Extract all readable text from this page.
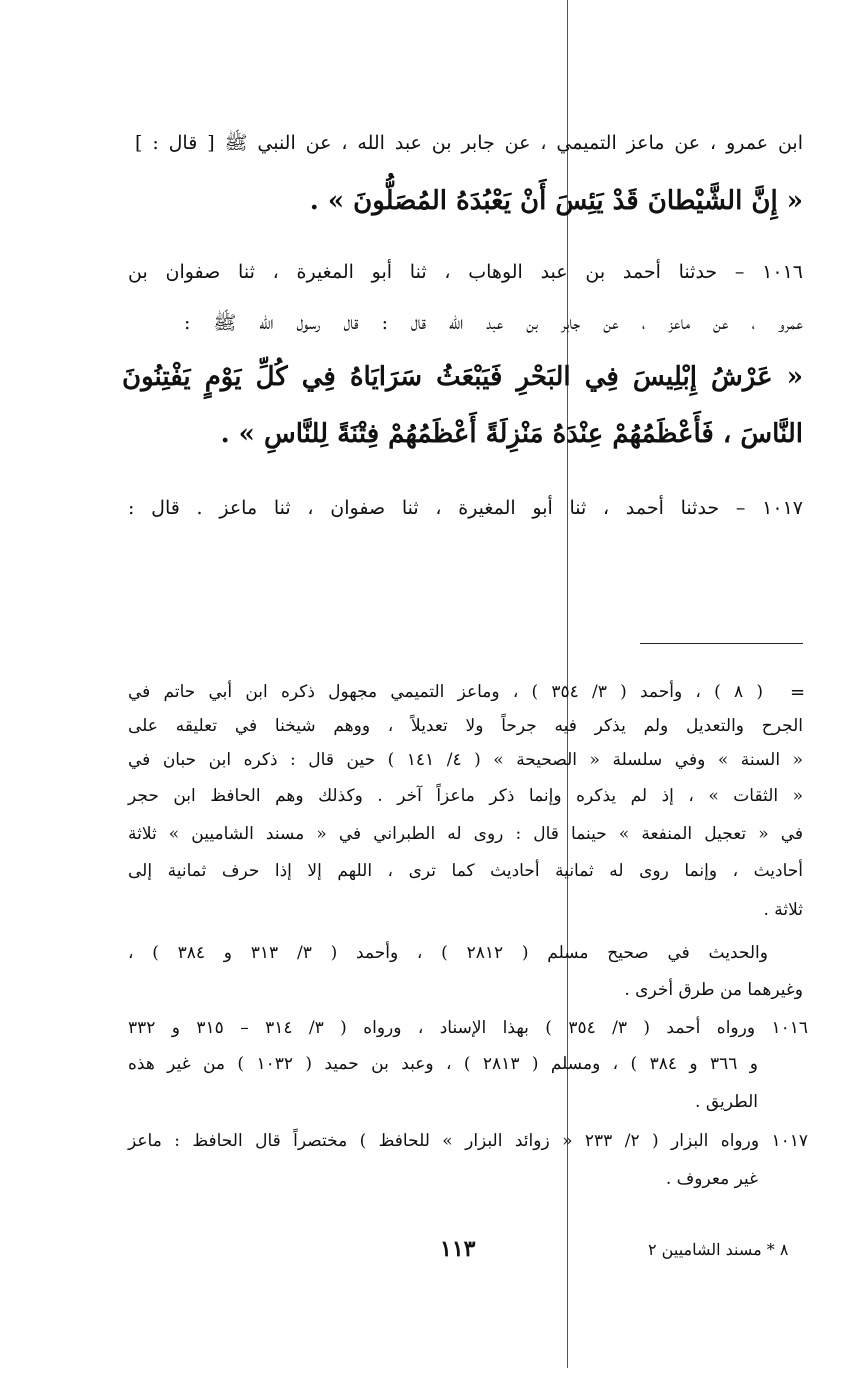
ابن عمرو ، عن ماعز التميمي ، عن جابر بن عبد الله ، عن النبي ﷺ [ قال : ]
« إِنَّ الشَّيْطانَ قَدْ يَئِسَ أَنْ يَعْبُدَهُ المُصَلُّونَ » .
١٠١٦ – حدثنا أحمد بن عبد الوهاب ، ثنا أبو المغيرة ، ثنا صفوان بن
عمرو ، عن ماعز ، عن جابر بن عبد الله قال : قال رسول الله ﷺ :
« عَرْشُ إِبْلِيسَ فِي البَحْرِ فَيَبْعَثُ سَرَايَاهُ فِي كُلِّ يَوْمٍ يَفْتِنُونَ
النَّاسَ ، فَأَعْظَمُهُمْ عِنْدَهُ مَنْزِلَةً أَعْظَمُهُمْ فِتْنَةً لِلنَّاسِ » .
١٠١٧ – حدثنا أحمد ، ثنا أبو المغيرة ، ثنا صفوان ، ثنا ماعز . قال :
=
( ٨ ) ، وأحمد ( ٣/ ٣٥٤ ) ، وماعز التميمي مجهول ذكره ابن أبي حاتم في
الجرح والتعديل ولم يذكر فيه جرحاً ولا تعديلاً ، ووهم شيخنا في تعليقه على
« السنة » وفي سلسلة « الصحيحة » ( ٤/ ١٤١ ) حين قال : ذكره ابن حبان في
« الثقات » ، إذ لم يذكره وإنما ذكر ماعزاً آخر . وكذلك وهم الحافظ ابن حجر
في « تعجيل المنفعة » حينما قال : روى له الطبراني في « مسند الشاميين » ثلاثة
أحاديث ، وإنما روى له ثمانية أحاديث كما ترى ، اللهم إلا إذا حرف ثمانية إلى
ثلاثة .
والحديث في صحيح مسلم ( ٢٨١٢ ) ، وأحمد ( ٣/ ٣١٣ و ٣٨٤ ) ،
وغيرهما من طرق أخرى .
١٠١٦ ورواه أحمد ( ٣/ ٣٥٤ ) بهذا الإسناد ، ورواه ( ٣/ ٣١٤ – ٣١٥ و ٣٣٢
و ٣٦٦ و ٣٨٤ ) ، ومسلم ( ٢٨١٣ ) ، وعبد بن حميد ( ١٠٣٢ ) من غير هذه
الطريق .
١٠١٧ ورواه البزار ( ٢/ ٢٣٣ « زوائد البزار » للحافظ ) مختصراً قال الحافظ : ماعز
غير معروف .
١١٣	٨ * مسند الشاميين ٢
